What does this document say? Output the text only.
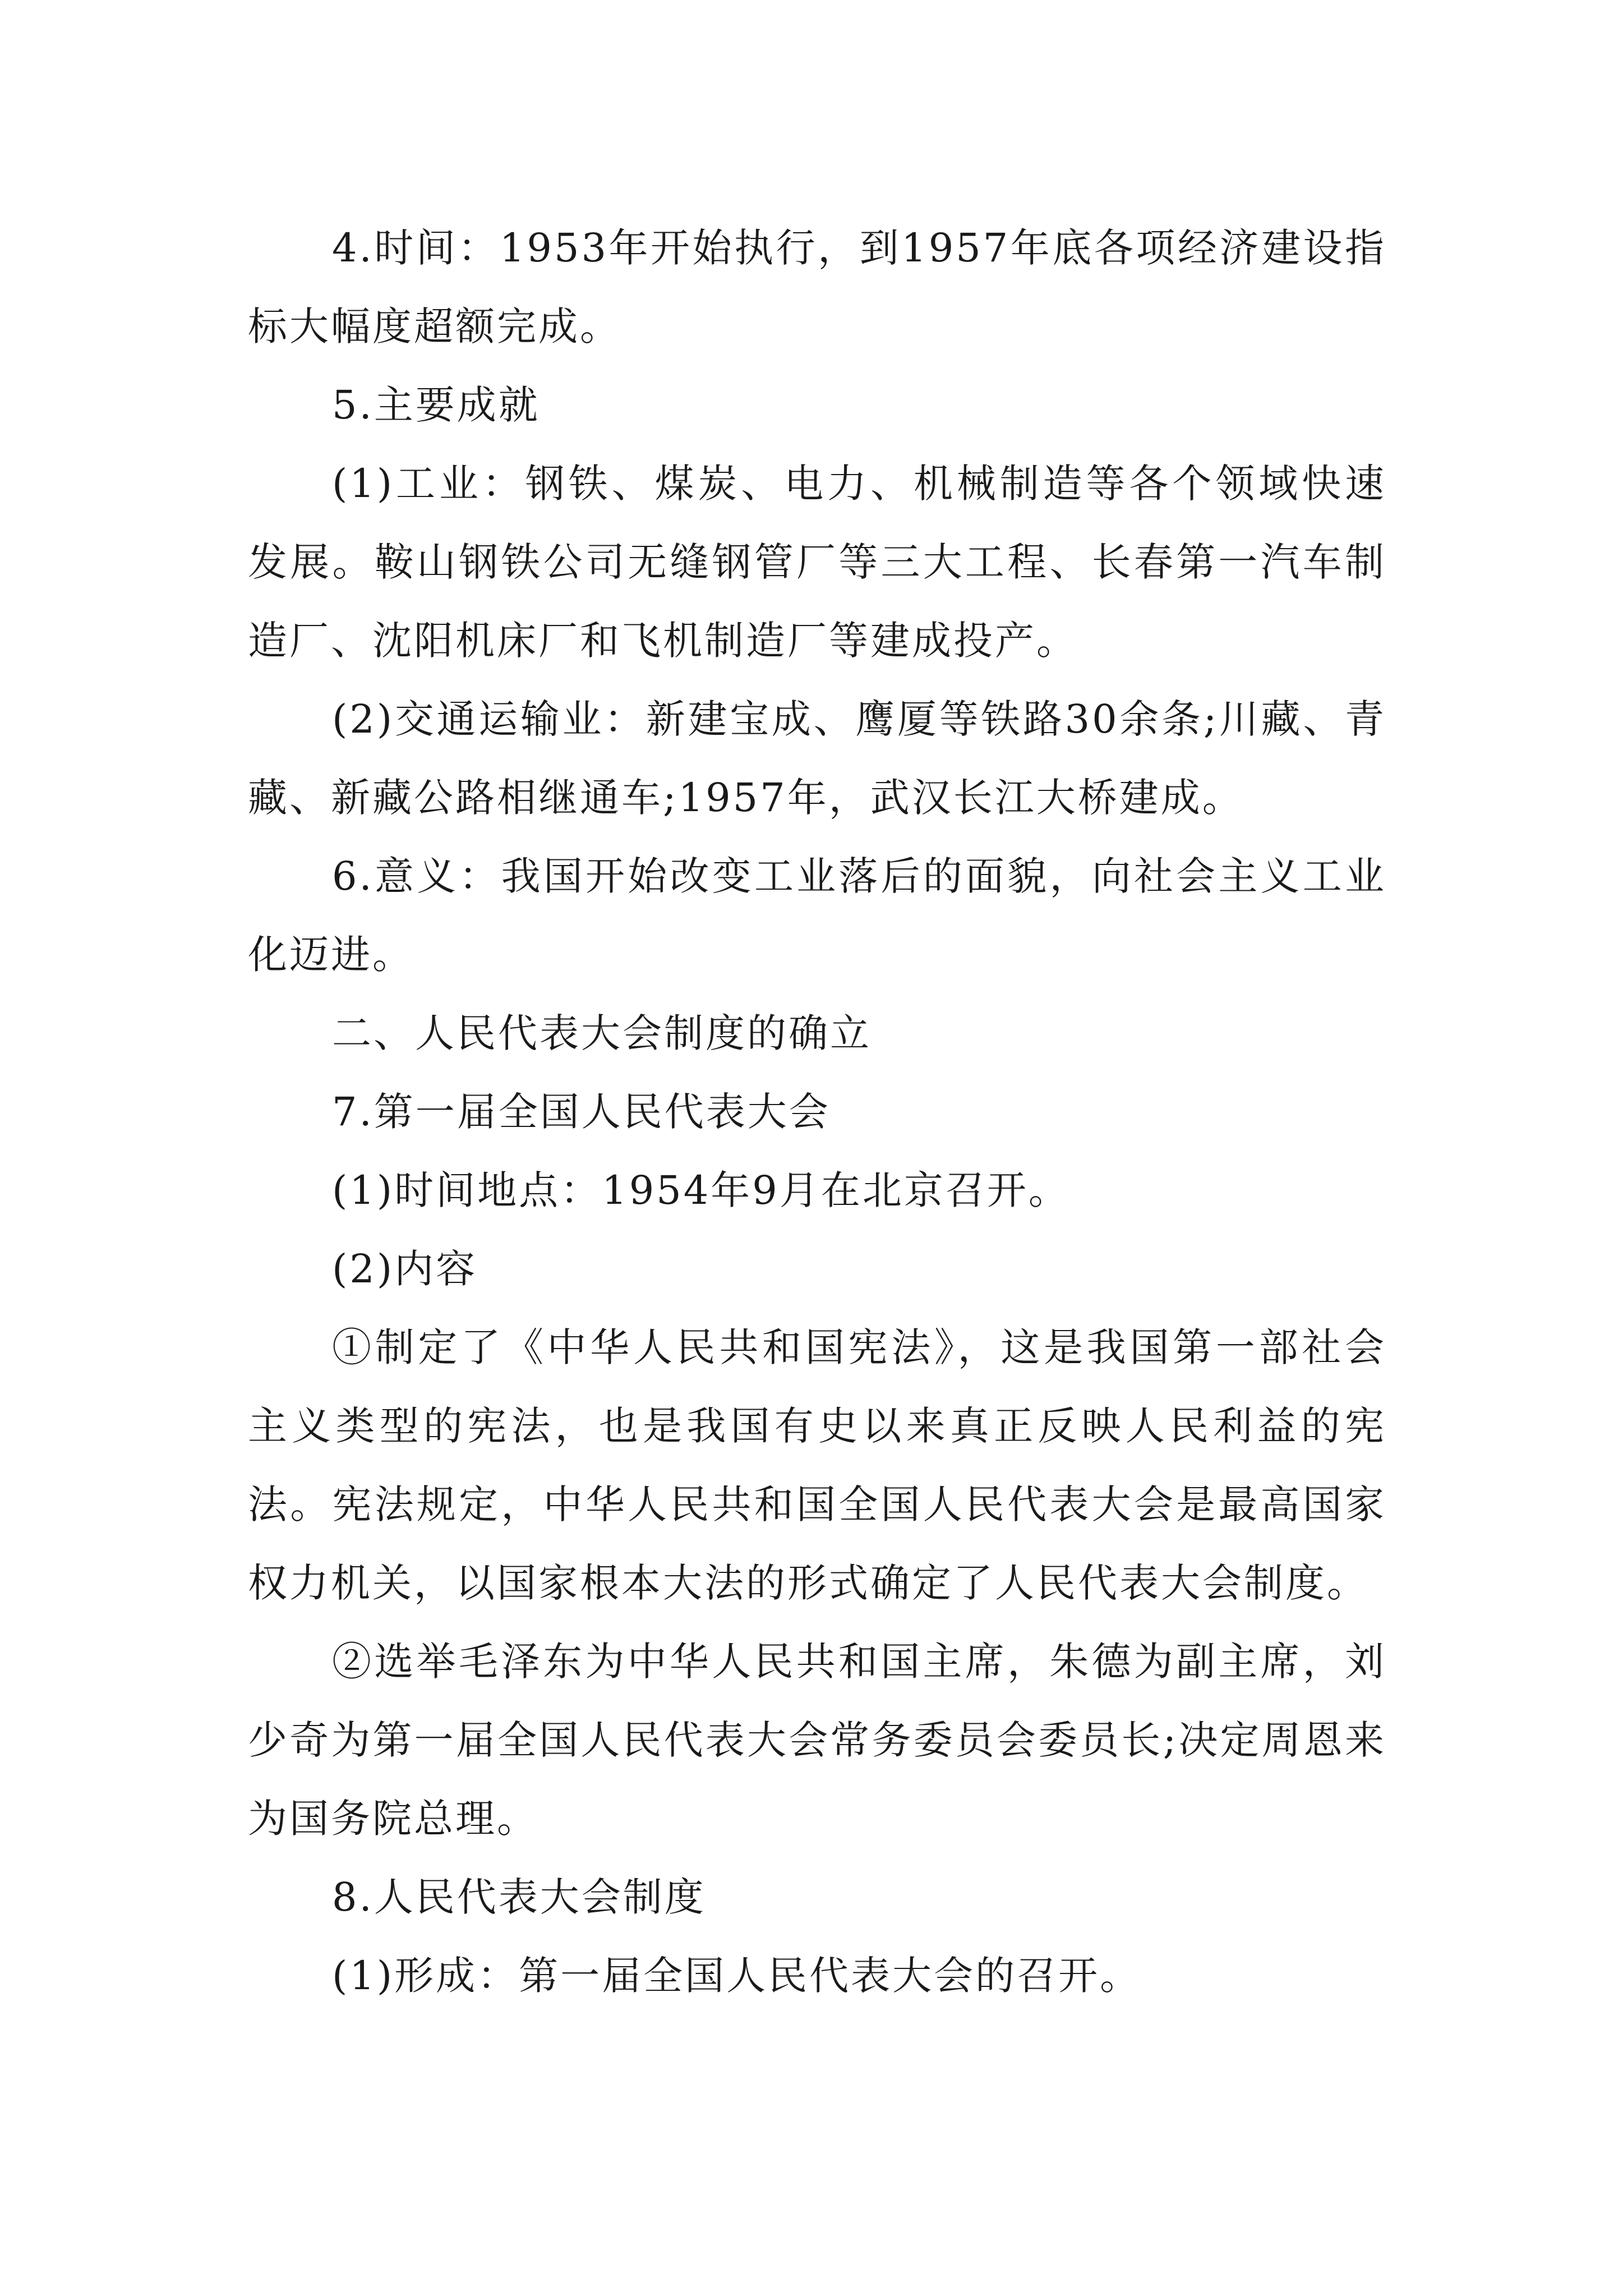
4.时间：1953年开始执行，到1957年底各项经济建设指标大幅度超额完成。

5.主要成就

(1)工业：钢铁、煤炭、电力、机械制造等各个领域快速发展。鞍山钢铁公司无缝钢管厂等三大工程、长春第一汽车制造厂、沈阳机床厂和飞机制造厂等建成投产。

(2)交通运输业：新建宝成、鹰厦等铁路30余条;川藏、青藏、新藏公路相继通车;1957年，武汉长江大桥建成。

6.意义：我国开始改变工业落后的面貌，向社会主义工业化迈进。

二、人民代表大会制度的确立

7.第一届全国人民代表大会

(1)时间地点：1954年9月在北京召开。

(2)内容

①制定了《中华人民共和国宪法》，这是我国第一部社会主义类型的宪法，也是我国有史以来真正反映人民利益的宪法。宪法规定，中华人民共和国全国人民代表大会是最高国家权力机关，以国家根本大法的形式确定了人民代表大会制度。

②选举毛泽东为中华人民共和国主席，朱德为副主席，刘少奇为第一届全国人民代表大会常务委员会委员长;决定周恩来为国务院总理。

8.人民代表大会制度

(1)形成：第一届全国人民代表大会的召开。
